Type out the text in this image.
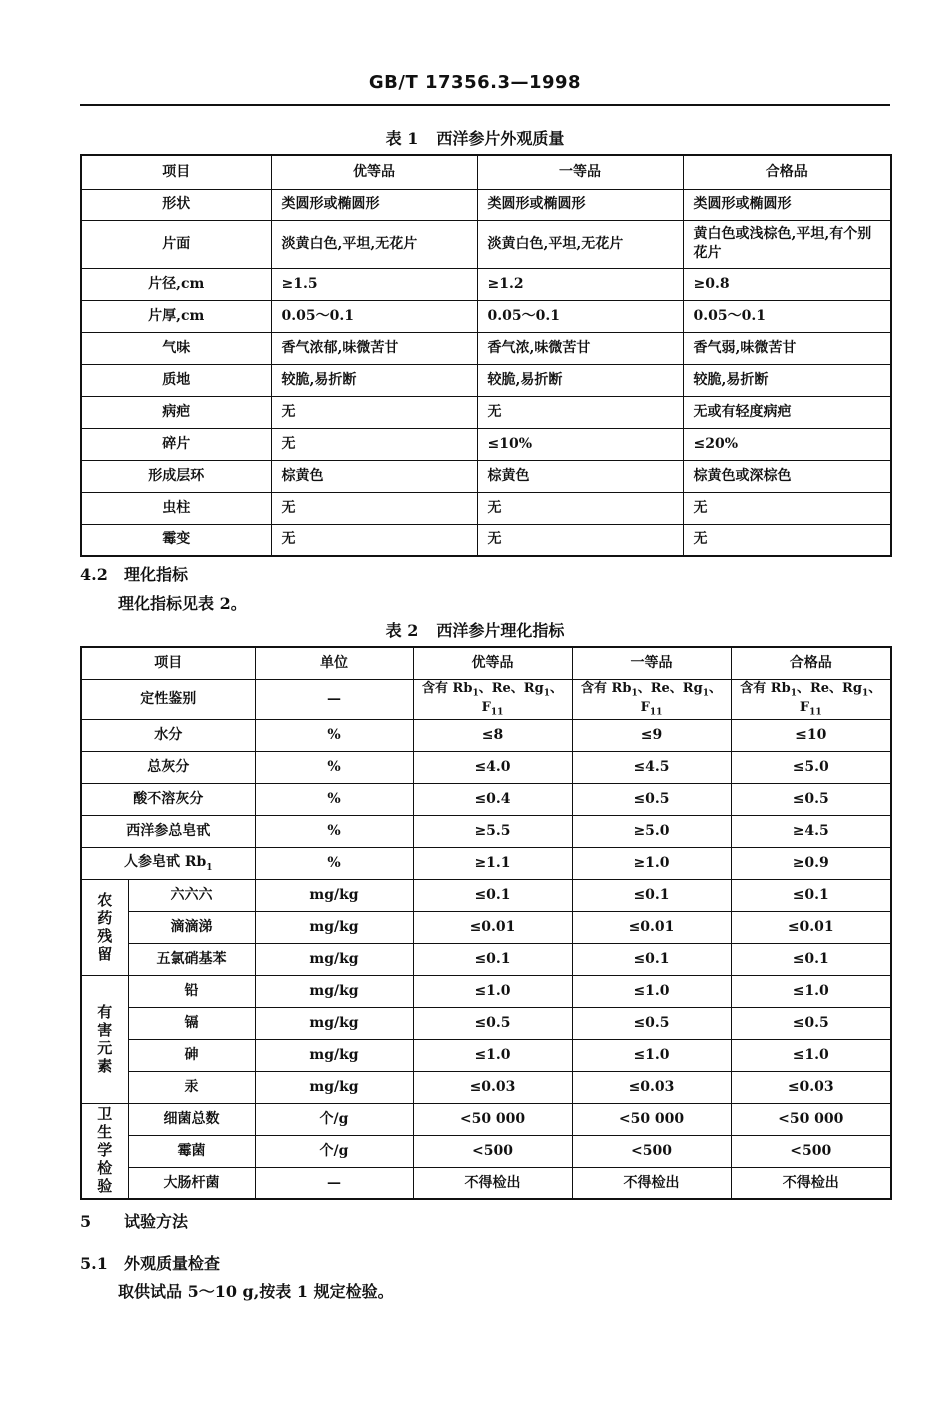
GB/T 17356.3—1998
表 1 西洋参片外观质量
项目	优等品	一等品	合格品
形状	类圆形或椭圆形	类圆形或椭圆形	类圆形或椭圆形
片面	淡黄白色,平坦,无花片	淡黄白色,平坦,无花片	黄白色或浅棕色,平坦,有个别花片
片径,cm	≥1.5	≥1.2	≥0.8
片厚,cm	0.05～0.1	0.05～0.1	0.05～0.1
气味	香气浓郁,味微苦甘	香气浓,味微苦甘	香气弱,味微苦甘
质地	较脆,易折断	较脆,易折断	较脆,易折断
病疤	无	无	无或有轻度病疤
碎片	无	≤10%	≤20%
形成层环	棕黄色	棕黄色	棕黄色或深棕色
虫柱	无	无	无
霉变	无	无	无
4.2 理化指标
理化指标见表 2。
表 2 西洋参片理化指标
项目		单位	优等品	一等品	合格品
定性鉴别		—	含有 $Rb_1$、Re、$Rg_1$、$F_{11}$	含有 $Rb_1$、Re、$Rg_1$、$F_{11}$	含有 $Rb_1$、Re、$Rg_1$、$F_{11}$
水分		%	≤8	≤9	≤10
总灰分		%	≤4.0	≤4.5	≤5.0
酸不溶灰分		%	≤0.4	≤0.5	≤0.5
西洋参总皂甙		%	≥5.5	≥5.0	≥4.5
人参皂甙 $Rb_1$		%	≥1.1	≥1.0	≥0.9
农药残留	六六六	mg/kg	≤0.1	≤0.1	≤0.1
	滴滴涕	mg/kg	≤0.01	≤0.01	≤0.01
	五氯硝基苯	mg/kg	≤0.1	≤0.1	≤0.1
有害元素	铅	mg/kg	≤1.0	≤1.0	≤1.0
	镉	mg/kg	≤0.5	≤0.5	≤0.5
	砷	mg/kg	≤1.0	≤1.0	≤1.0
	汞	mg/kg	≤0.03	≤0.03	≤0.03
卫生学检验	细菌总数	个/g	<50 000	<50 000	<50 000
	霉菌	个/g	<500	<500	<500
	大肠杆菌	—	不得检出	不得检出	不得检出
5 试验方法
5.1 外观质量检查
取供试品 5～10 g,按表 1 规定检验。
